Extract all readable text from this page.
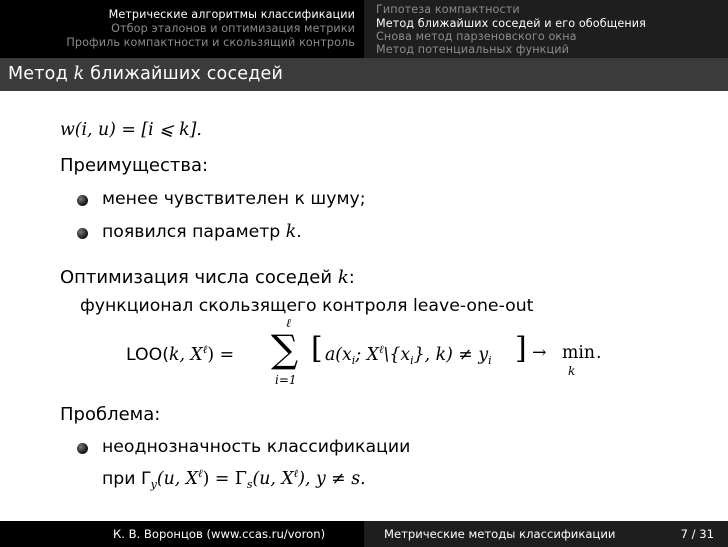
Метрические алгоритмы классификации
Отбор эталонов и оптимизация метрики
Профиль компактности и скользящий контроль
Гипотеза компактности
Метод ближайших соседей и его обобщения
Снова метод парзеновского окна
Метод потенциальных функций
Метод k ближайших соседей
w(i, u) = [i ⩽ k].
Преимущества:
менее чувствителен к шуму;
появился параметр k.
Оптимизация числа соседей k:
функционал скользящего контроля leave-one-out
LOO(k, $X^\ell$) =
ℓ
∑
i=1
[ $a(x_i$; $X^\ell\backslash\{x_i\}$, $k) \ne y_i$ ] → min
k
.
Проблема:
неоднозначность классификации
при $\Gamma_y(u$, $X^\ell) = \Gamma_s(u$, $X^\ell$), y ≠ s.
К. В. Воронцов (www.ccas.ru/voron)	Метрические методы классификации	7 / 31
